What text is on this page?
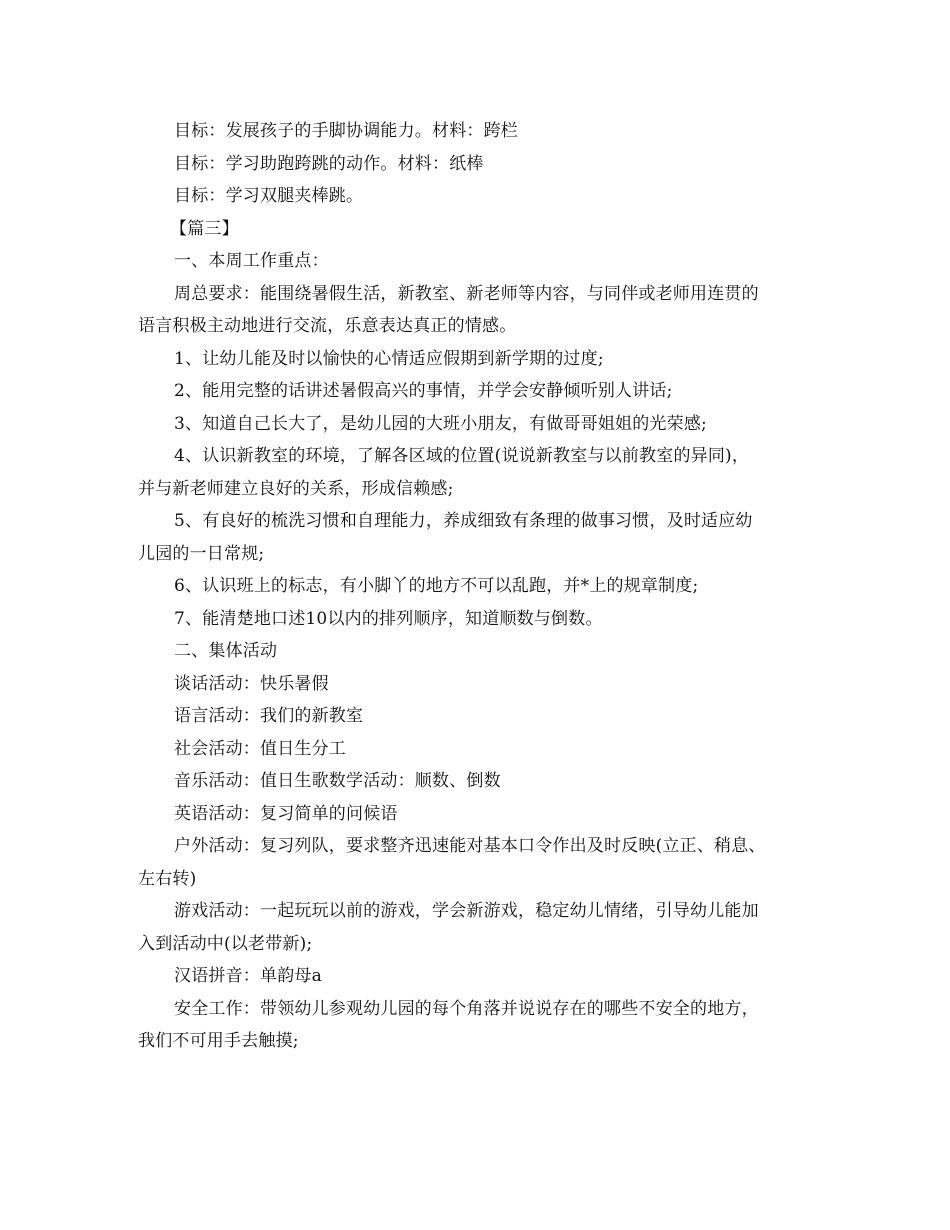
目标：发展孩子的手脚协调能力。材料：跨栏
目标：学习助跑跨跳的动作。材料：纸棒
目标：学习双腿夹棒跳。
【篇三】
一、本周工作重点：
周总要求：能围绕暑假生活，新教室、新老师等内容，与同伴或老师用连贯的
语言积极主动地进行交流，乐意表达真正的情感。
1、让幼儿能及时以愉快的心情适应假期到新学期的过度;
2、能用完整的话讲述暑假高兴的事情，并学会安静倾听别人讲话;
3、知道自己长大了，是幼儿园的大班小朋友，有做哥哥姐姐的光荣感;
4、认识新教室的环境，了解各区域的位置(说说新教室与以前教室的异同)，
并与新老师建立良好的关系，形成信赖感;
5、有良好的梳洗习惯和自理能力，养成细致有条理的做事习惯，及时适应幼
儿园的一日常规;
6、认识班上的标志，有小脚丫的地方不可以乱跑，并*上的规章制度;
7、能清楚地口述10以内的排列顺序，知道顺数与倒数。
二、集体活动
谈话活动：快乐暑假
语言活动：我们的新教室
社会活动：值日生分工
音乐活动：值日生歌数学活动：顺数、倒数
英语活动：复习简单的问候语
户外活动：复习列队，要求整齐迅速能对基本口令作出及时反映(立正、稍息、
左右转)
游戏活动：一起玩玩以前的游戏，学会新游戏，稳定幼儿情绪，引导幼儿能加
入到活动中(以老带新);
汉语拼音：单韵母a
安全工作：带领幼儿参观幼儿园的每个角落并说说存在的哪些不安全的地方，
我们不可用手去触摸;
